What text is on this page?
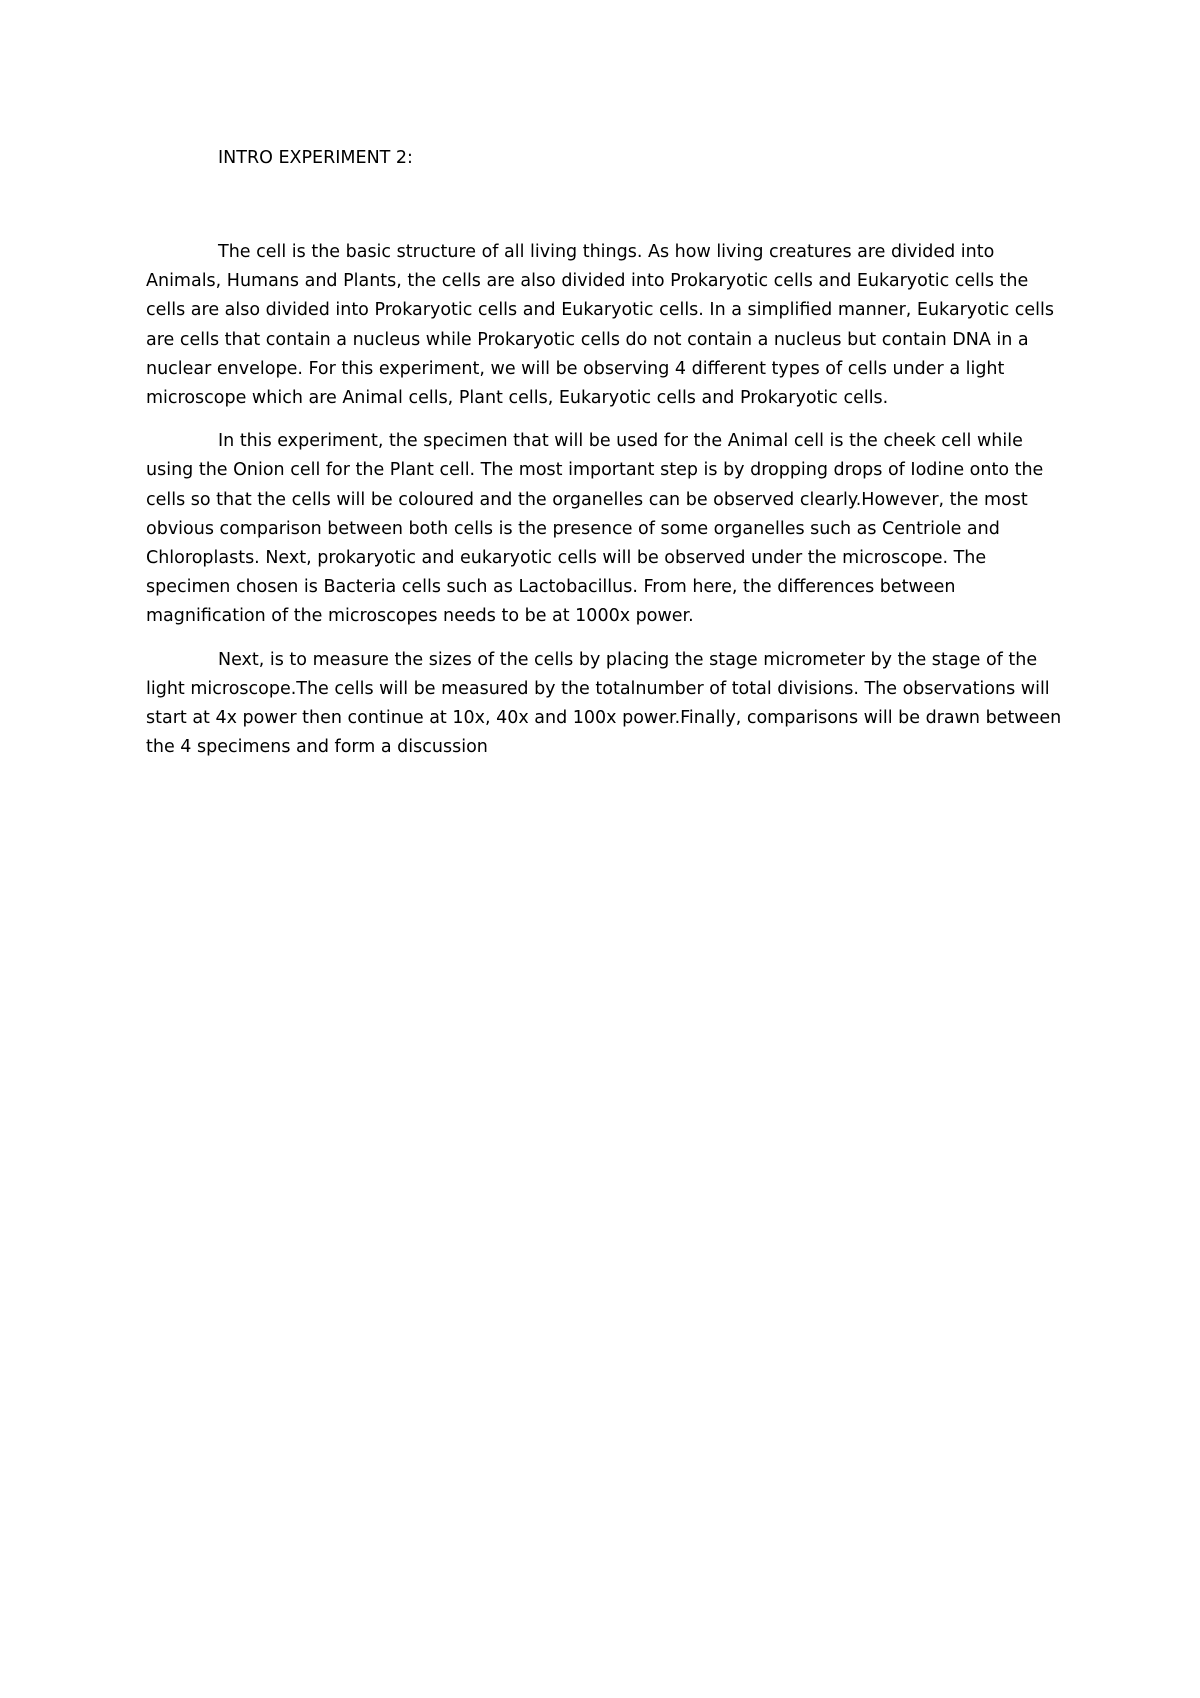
INTRO EXPERIMENT 2:

The cell is the basic structure of all living things. As how living creatures are divided into Animals, Humans and Plants, the cells are also divided into Prokaryotic cells and Eukaryotic cells the cells are also divided into Prokaryotic cells and Eukaryotic cells. In a simplified manner, Eukaryotic cells are cells that contain a nucleus while Prokaryotic cells do not contain a nucleus but contain DNA in a nuclear envelope. For this experiment, we will be observing 4 different types of cells under a light microscope which are Animal cells, Plant cells, Eukaryotic cells and Prokaryotic cells.

In this experiment, the specimen that will be used for the Animal cell is the cheek cell while using the Onion cell for the Plant cell. The most important step is by dropping drops of Iodine onto the cells so that the cells will be coloured and the organelles can be observed clearly.However, the most obvious comparison between both cells is the presence of some organelles such as Centriole and Chloroplasts. Next, prokaryotic and eukaryotic cells will be observed under the microscope. The specimen chosen is Bacteria cells such as Lactobacillus. From here, the differences between magnification of the microscopes needs to be at 1000x power.

Next, is to measure the sizes of the cells by placing the stage micrometer by the stage of the light microscope.The cells will be measured by the totalnumber of total divisions. The observations will start at 4x power then continue at 10x, 40x and 100x power.Finally, comparisons will be drawn between the 4 specimens and form a discussion
